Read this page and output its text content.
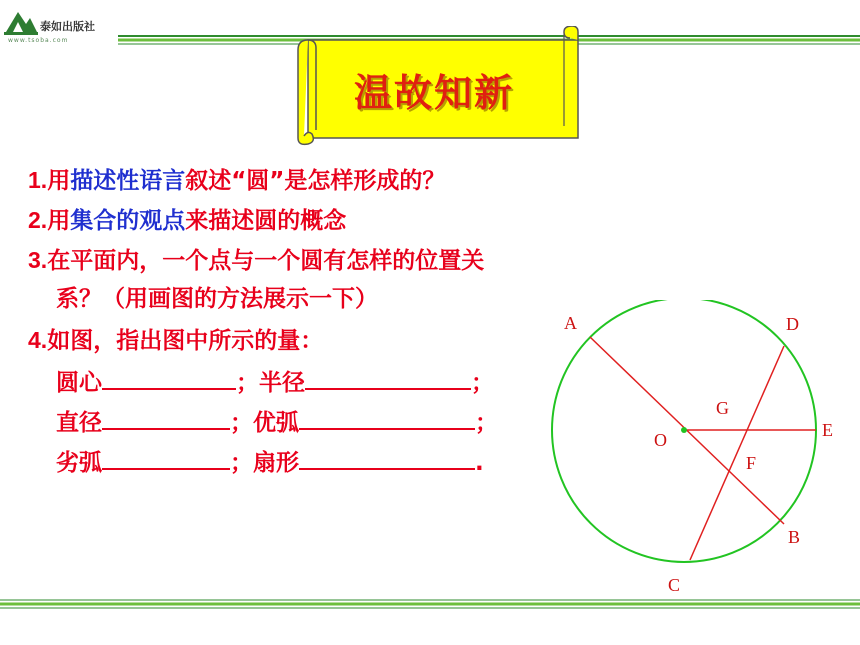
泰如出版社
www.tsoba.com
温故知新
1.用描述性语言叙述“圆”是怎样形成的？
2.用集合的观点来描述圆的概念
3.在平面内，一个点与一个圆有怎样的位置关
系？（用画图的方法展示一下）
4.如图，指出图中所示的量：
圆心	；半径	；
直径	；优弧	；
劣弧	；扇形	.
A
B
C
D
E
F
G
O
